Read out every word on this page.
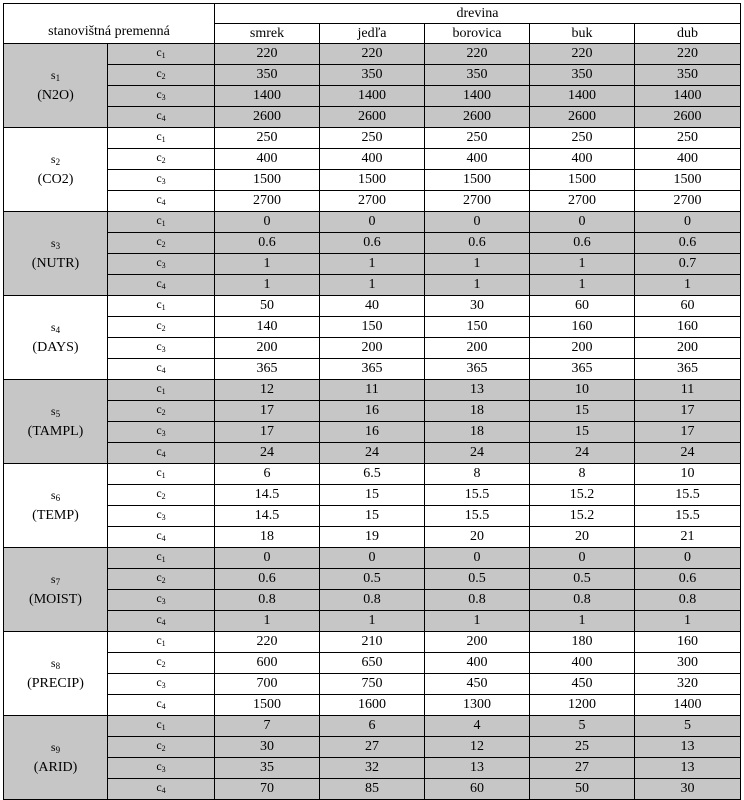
stanovištná premenná		drevina				
		smrek	jedľa	borovica	buk	dub
$s_1$
(N2O)	$c_1$	220	220	220	220	220
	$c_2$	350	350	350	350	350
	$c_3$	1400	1400	1400	1400	1400
	$c_4$	2600	2600	2600	2600	2600
$s_2$
(CO2)	$c_1$	250	250	250	250	250
	$c_2$	400	400	400	400	400
	$c_3$	1500	1500	1500	1500	1500
	$c_4$	2700	2700	2700	2700	2700
$s_3$
(NUTR)	$c_1$	0	0	0	0	0
	$c_2$	0.6	0.6	0.6	0.6	0.6
	$c_3$	1	1	1	1	0.7
	$c_4$	1	1	1	1	1
$s_4$
(DAYS)	$c_1$	50	40	30	60	60
	$c_2$	140	150	150	160	160
	$c_3$	200	200	200	200	200
	$c_4$	365	365	365	365	365
$s_5$
(TAMPL)	$c_1$	12	11	13	10	11
	$c_2$	17	16	18	15	17
	$c_3$	17	16	18	15	17
	$c_4$	24	24	24	24	24
$s_6$
(TEMP)	$c_1$	6	6.5	8	8	10
	$c_2$	14.5	15	15.5	15.2	15.5
	$c_3$	14.5	15	15.5	15.2	15.5
	$c_4$	18	19	20	20	21
$s_7$
(MOIST)	$c_1$	0	0	0	0	0
	$c_2$	0.6	0.5	0.5	0.5	0.6
	$c_3$	0.8	0.8	0.8	0.8	0.8
	$c_4$	1	1	1	1	1
$s_8$
(PRECIP)	$c_1$	220	210	200	180	160
	$c_2$	600	650	400	400	300
	$c_3$	700	750	450	450	320
	$c_4$	1500	1600	1300	1200	1400
$s_9$
(ARID)	$c_1$	7	6	4	5	5
	$c_2$	30	27	12	25	13
	$c_3$	35	32	13	27	13
	$c_4$	70	85	60	50	30
